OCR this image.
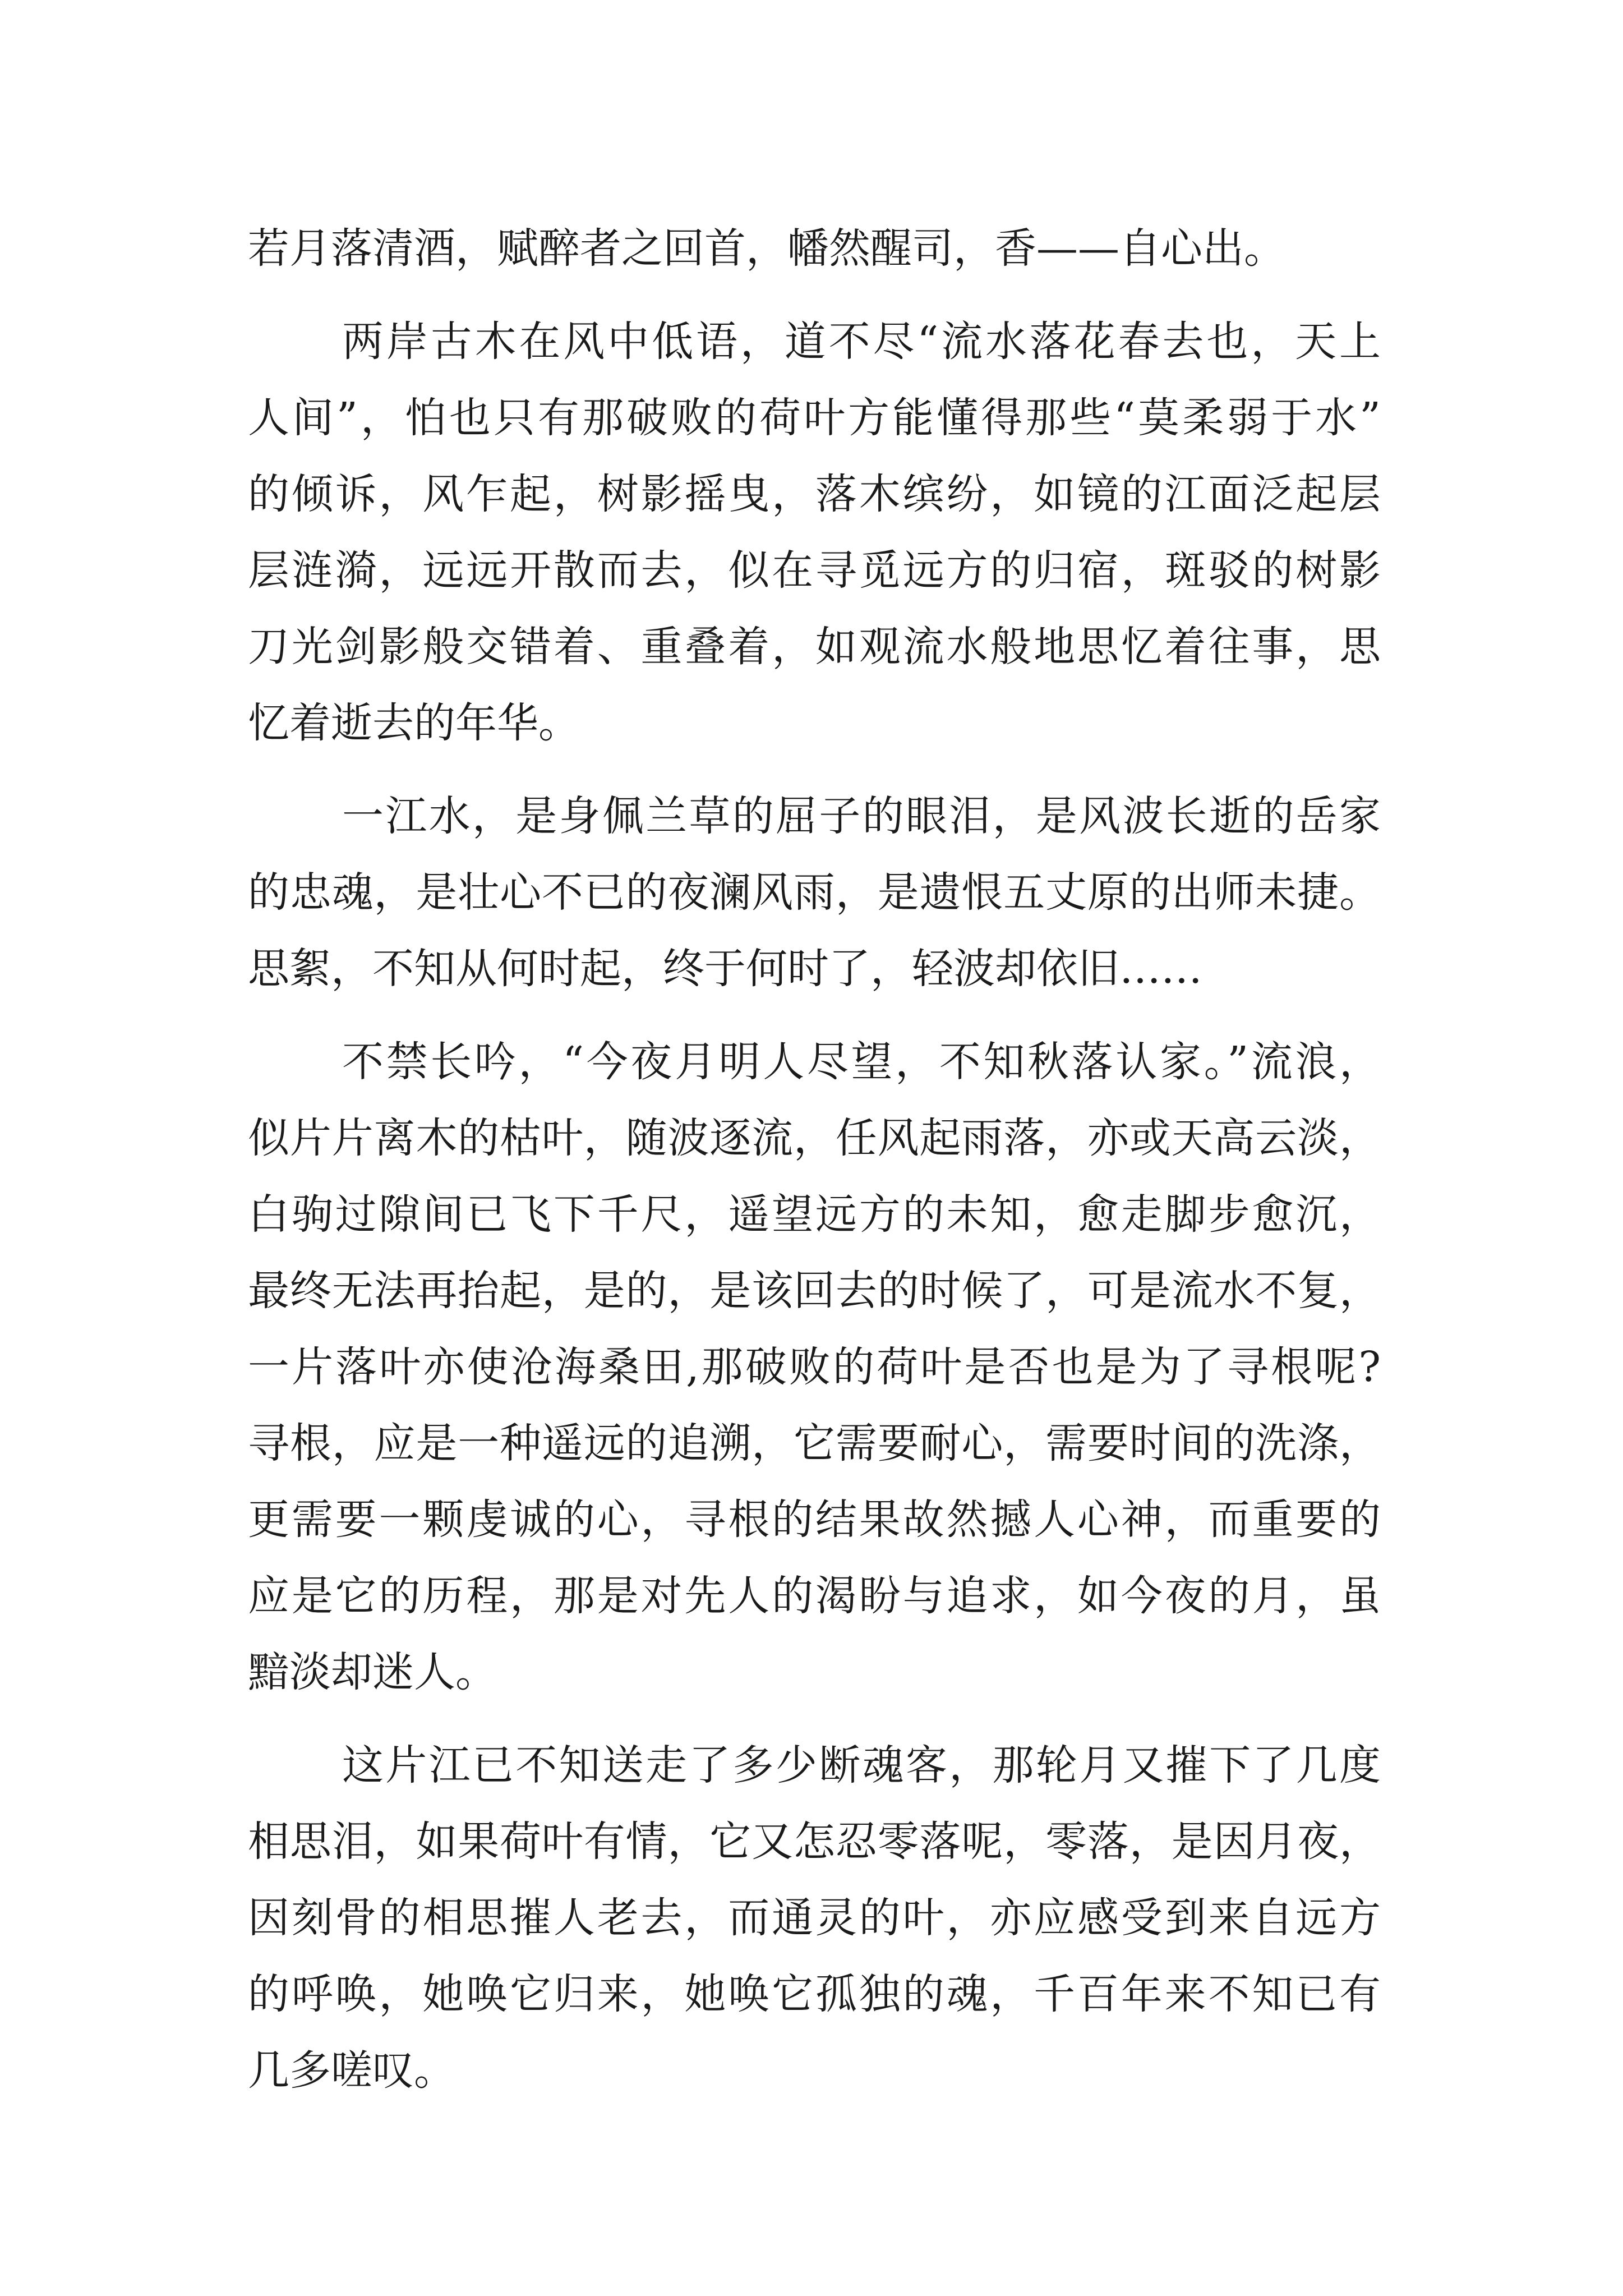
若月落清酒，赋醉者之回首，幡然醒司，香——自心出。
两岸古木在风中低语，道不尽“流水落花春去也，天上
人间”，怕也只有那破败的荷叶方能懂得那些“莫柔弱于水”
的倾诉，风乍起，树影摇曳，落木缤纷，如镜的江面泛起层
层涟漪，远远开散而去，似在寻觅远方的归宿，斑驳的树影
刀光剑影般交错着、重叠着，如观流水般地思忆着往事，思
忆着逝去的年华。
一江水，是身佩兰草的屈子的眼泪，是风波长逝的岳家
的忠魂，是壮心不已的夜澜风雨，是遗恨五丈原的出师未捷。
思絮，不知从何时起，终于何时了，轻波却依旧……
不禁长吟，“今夜月明人尽望，不知秋落认家。”流浪，
似片片离木的枯叶，随波逐流，任风起雨落，亦或天高云淡，
白驹过隙间已飞下千尺，遥望远方的未知，愈走脚步愈沉，
最终无法再抬起，是的，是该回去的时候了，可是流水不复，
一片落叶亦使沧海桑田,那破败的荷叶是否也是为了寻根呢?
寻根，应是一种遥远的追溯，它需要耐心，需要时间的洗涤，
更需要一颗虔诚的心，寻根的结果故然撼人心神，而重要的
应是它的历程，那是对先人的渴盼与追求，如今夜的月，虽
黯淡却迷人。
这片江已不知送走了多少断魂客，那轮月又摧下了几度
相思泪，如果荷叶有情，它又怎忍零落呢，零落，是因月夜，
因刻骨的相思摧人老去，而通灵的叶，亦应感受到来自远方
的呼唤，她唤它归来，她唤它孤独的魂，千百年来不知已有
几多嗟叹。
